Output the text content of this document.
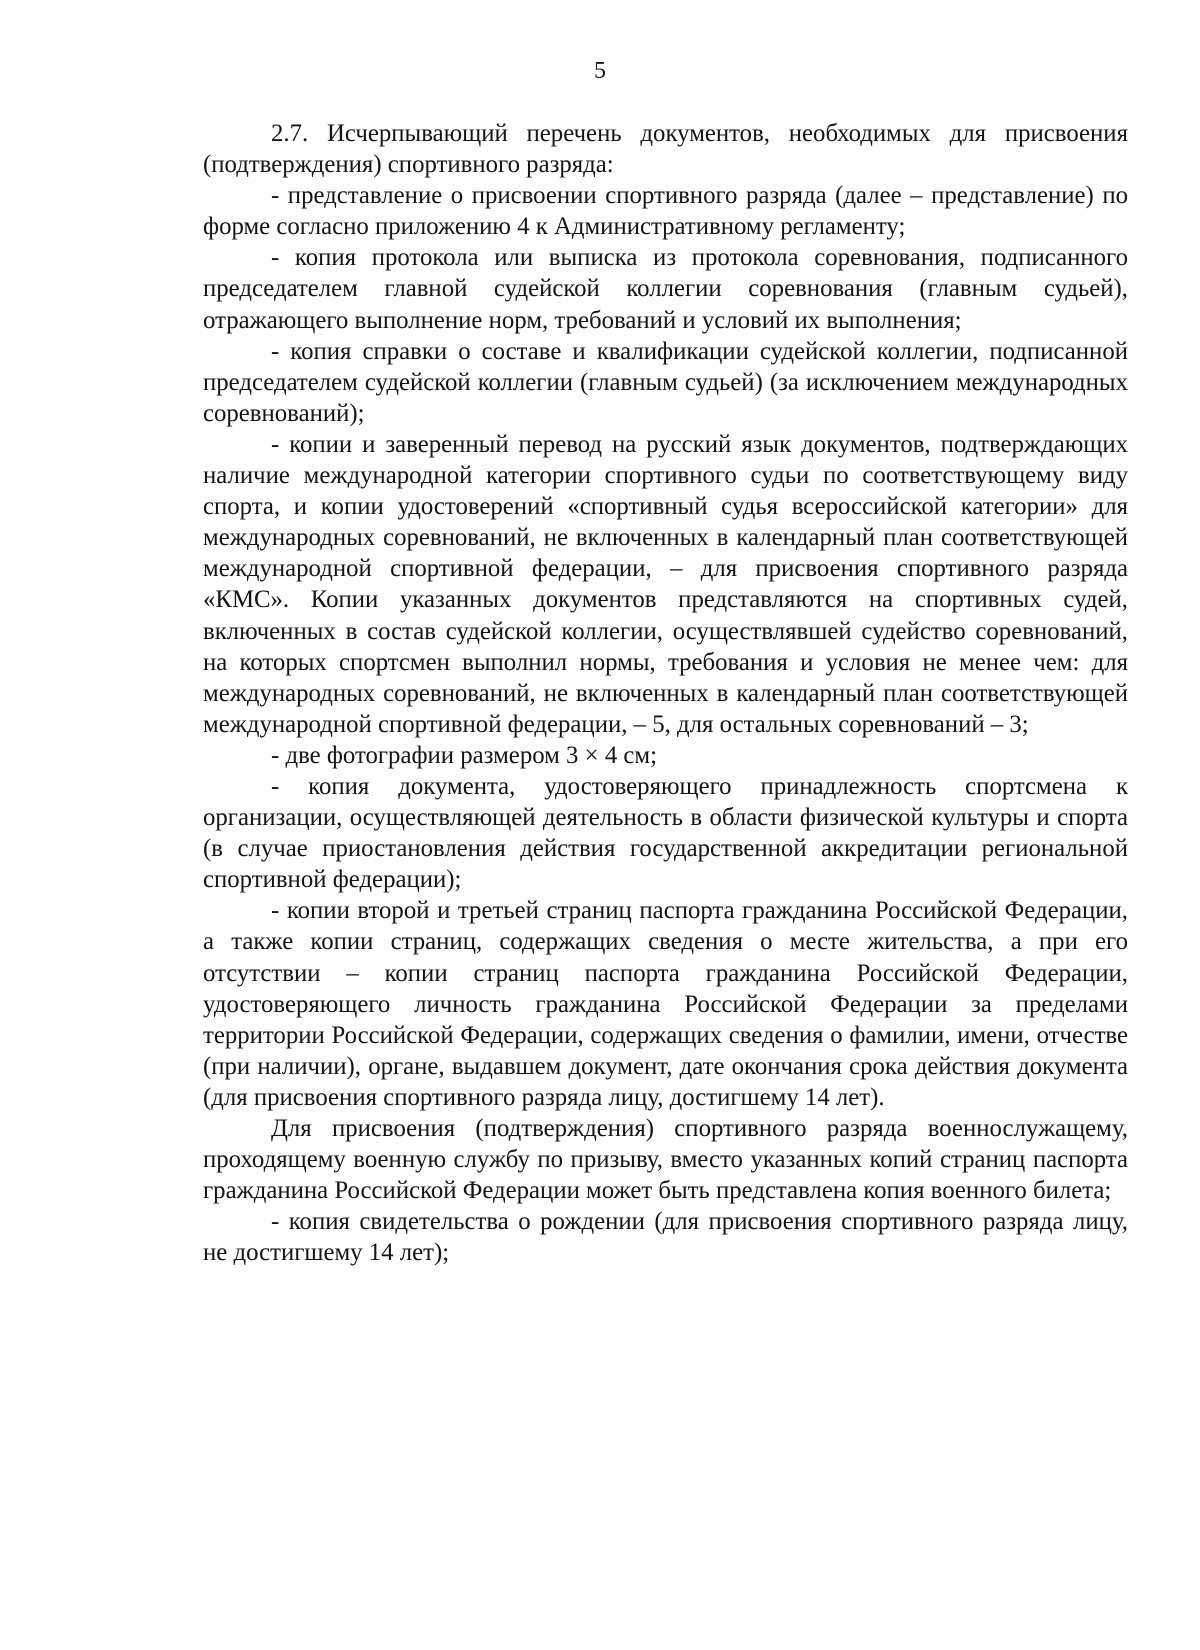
5

2.7. Исчерпывающий перечень документов, необходимых для присвоения (подтверждения) спортивного разряда:

- представление о присвоении спортивного разряда (далее – представление) по форме согласно приложению 4 к Административному регламенту;

- копия протокола или выписка из протокола соревнования, подписанного председателем главной судейской коллегии соревнования (главным судьей), отражающего выполнение норм, требований и условий их выполнения;

- копия справки о составе и квалификации судейской коллегии, подписанной председателем судейской коллегии (главным судьей) (за исключением международных соревнований);

- копии и заверенный перевод на русский язык документов, подтверждающих наличие международной категории спортивного судьи по соответствующему виду спорта, и копии удостоверений «спортивный судья всероссийской категории» для международных соревнований, не включенных в календарный план соответствующей международной спортивной федерации, – для присвоения спортивного разряда «КМС». Копии указанных документов представляются на спортивных судей, включенных в состав судейской коллегии, осуществлявшей судейство соревнований, на которых спортсмен выполнил нормы, требования и условия не менее чем: для международных соревнований, не включенных в календарный план соответствующей международной спортивной федерации, – 5, для остальных соревнований – 3;

- две фотографии размером 3 × 4 см;

- копия документа, удостоверяющего принадлежность спортсмена к организации, осуществляющей деятельность в области физической культуры и спорта (в случае приостановления действия государственной аккредитации региональной спортивной федерации);

- копии второй и третьей страниц паспорта гражданина Российской Федерации, а также копии страниц, содержащих сведения о месте жительства, а при его отсутствии – копии страниц паспорта гражданина Российской Федерации, удостоверяющего личность гражданина Российской Федерации за пределами территории Российской Федерации, содержащих сведения о фамилии, имени, отчестве (при наличии), органе, выдавшем документ, дате окончания срока действия документа (для присвоения спортивного разряда лицу, достигшему 14 лет).

Для присвоения (подтверждения) спортивного разряда военнослужащему, проходящему военную службу по призыву, вместо указанных копий страниц паспорта гражданина Российской Федерации может быть представлена копия военного билета;

- копия свидетельства о рождении (для присвоения спортивного разряда лицу, не достигшему 14 лет);
